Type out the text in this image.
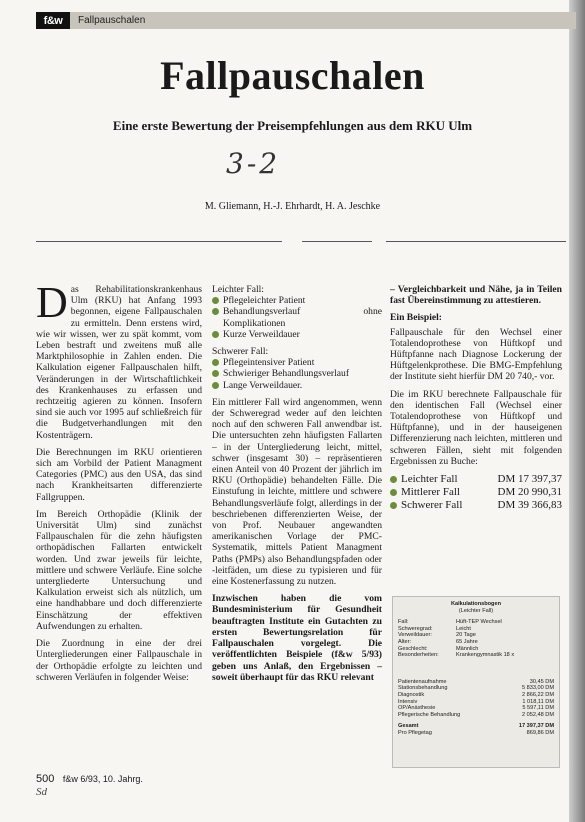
f&w	Fallpauschalen
Fallpauschalen
Eine erste Bewertung der Preisempfehlungen aus dem RKU Ulm
3-2
M. Gliemann, H.-J. Ehrhardt, H. A. Jeschke

Das Rehabilitationskrankenhaus Ulm (RKU) hat Anfang 1993 begonnen, eigene Fallpauschalen zu ermitteln. Denn erstens wird, wie wir wissen, wer zu spät kommt, vom Leben bestraft und zweitens muß alle Marktphilosophie in Zahlen enden. Die Kalkulation eigener Fallpauschalen hilft, Veränderungen in der Wirtschaftlichkeit des Krankenhauses zu erfassen und rechtzeitig agieren zu können. Insofern sind sie auch vor 1995 auf schließreich für die Budgetverhandlungen mit den Kostenträgern.

Die Berechnungen im RKU orientieren sich am Vorbild der Patient Managment Categories (PMC) aus den USA, das sind nach Krankheitsarten differenzierte Fallgruppen.

Im Bereich Orthopädie (Klinik der Universität Ulm) sind zunächst Fallpauschalen für die zehn häufigsten orthopädischen Fallarten entwickelt worden. Und zwar jeweils für leichte, mittlere und schwere Verläufe. Eine solche untergliederte Untersuchung und Kalkulation erweist sich als nützlich, um eine handhabbare und doch differenzierte Einschätzung der effektiven Aufwendungen zu erhalten.

Die Zuordnung in eine der drei Untergliederungen einer Fallpauschale in der Orthopädie erfolgte zu leichten und schweren Verläufen in folgender Weise:

Leichter Fall:
Pflegeleichter Patient
Behandlungsverlauf ohne Komplikationen
Kurze Verweildauer
Schwerer Fall:
Pflegeintensiver Patient
Schwieriger Behandlungsverlauf
Lange Verweildauer.

Ein mittlerer Fall wird angenommen, wenn der Schweregrad weder auf den leichten noch auf den schweren Fall anwendbar ist. Die untersuchten zehn häufigsten Fallarten – in der Untergliederung leicht, mittel, schwer (insgesamt 30) – repräsentieren einen Anteil von 40 Prozent der jährlich im RKU (Orthopädie) behandelten Fälle. Die Einstufung in leichte, mittlere und schwere Behandlungsverläufe folgt, allerdings in der beschriebenen differenzierten Weise, der von Prof. Neubauer angewandten amerikanischen Vorlage der PMC-Systematik, mittels Patient Managment Paths (PMPs) also Behandlungspfaden oder -leitfäden, um diese zu typisieren und für eine Kostenerfassung zu nutzen.

Inzwischen haben die vom Bundesministerium für Gesundheit beauftragten Institute ein Gutachten zu ersten Bewertungsrelation für Fallpauschalen vorgelegt. Die veröffentlichten Beispiele (f&w 5/93) geben uns Anlaß, den Ergebnissen – soweit überhaupt für das RKU relevant

– Vergleichbarkeit und Nähe, ja in Teilen fast Übereinstimmung zu attestieren.

Ein Beispiel:

Fallpauschale für den Wechsel einer Totalendoprothese von Hüftkopf und Hüftpfanne nach Diagnose Lockerung der Hüftgelenkprothese. Die BMG-Empfehlung der Institute sieht hierfür DM 20 740,- vor.

Die im RKU berechnete Fallpauschale für den identischen Fall (Wechsel einer Totalendoprothese von Hüftkopf und Hüftpfanne), und in der hauseigenen Differenzierung nach leichten, mittleren und schweren Fällen, sieht mit folgenden Ergebnissen zu Buche:

Leichter Fall	DM 17 397,37
Mittlerer Fall	DM 20 990,31
Schwerer Fall	DM 39 366,83
Kalkulationsbogen
(Leichter Fall)
Fall:	Hüft-TEP Wechsel
Schweregrad:	Leicht
Verweildauer:	20 Tage
Alter:	65 Jahre
Geschlecht:	Männlich
Besonderheiten:	Krankengymnastik 18 x
Patientenaufnahme	30,45 DM
Stationsbehandlung	5 833,00 DM
Diagnostik	2 866,22 DM
Intensiv	1 018,11 DM
OP/Anästhesie	5 597,11 DM
Pflegerische Behandlung	2 052,48 DM
Gesamt	17 397,37 DM
Pro Pflegetag	869,86 DM
500 f&w 6/93, 10. Jahrg.
Sd
